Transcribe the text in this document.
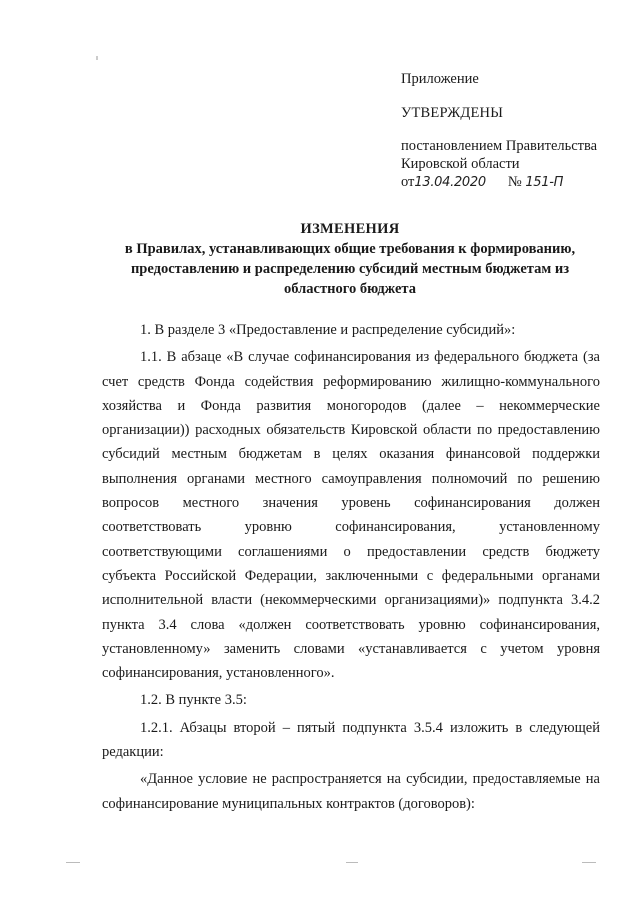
Приложение

УТВЕРЖДЕНЫ

постановлением Правительства

Кировской области

от13.04.2020 № 151-П

ИЗМЕНЕНИЯ

в Правилах, устанавливающих общие требования к формированию,

предоставлению и распределению субсидий местным бюджетам из

областного бюджета

1. В разделе 3 «Предоставление и распределение субсидий»:

1.1. В абзаце «В случае софинансирования из федерального бюджета (за

счет средств Фонда содействия реформированию жилищно-коммунального

хозяйства и Фонда развития моногородов (далее – некоммерческие

организации)) расходных обязательств Кировской области по предоставлению

субсидий местным бюджетам в целях оказания финансовой поддержки

выполнения органами местного самоуправления полномочий по решению

вопросов местного значения уровень софинансирования должен

соответствовать уровню софинансирования, установленному

соответствующими соглашениями о предоставлении средств бюджету

субъекта Российской Федерации, заключенными с федеральными органами

исполнительной власти (некоммерческими организациями)» подпункта 3.4.2

пункта 3.4 слова «должен соответствовать уровню софинансирования,

установленному» заменить словами «устанавливается с учетом уровня

софинансирования, установленного».

1.2. В пункте 3.5:

1.2.1. Абзацы второй – пятый подпункта 3.5.4 изложить в следующей

редакции:

«Данное условие не распространяется на субсидии, предоставляемые на

софинансирование муниципальных контрактов (договоров):
